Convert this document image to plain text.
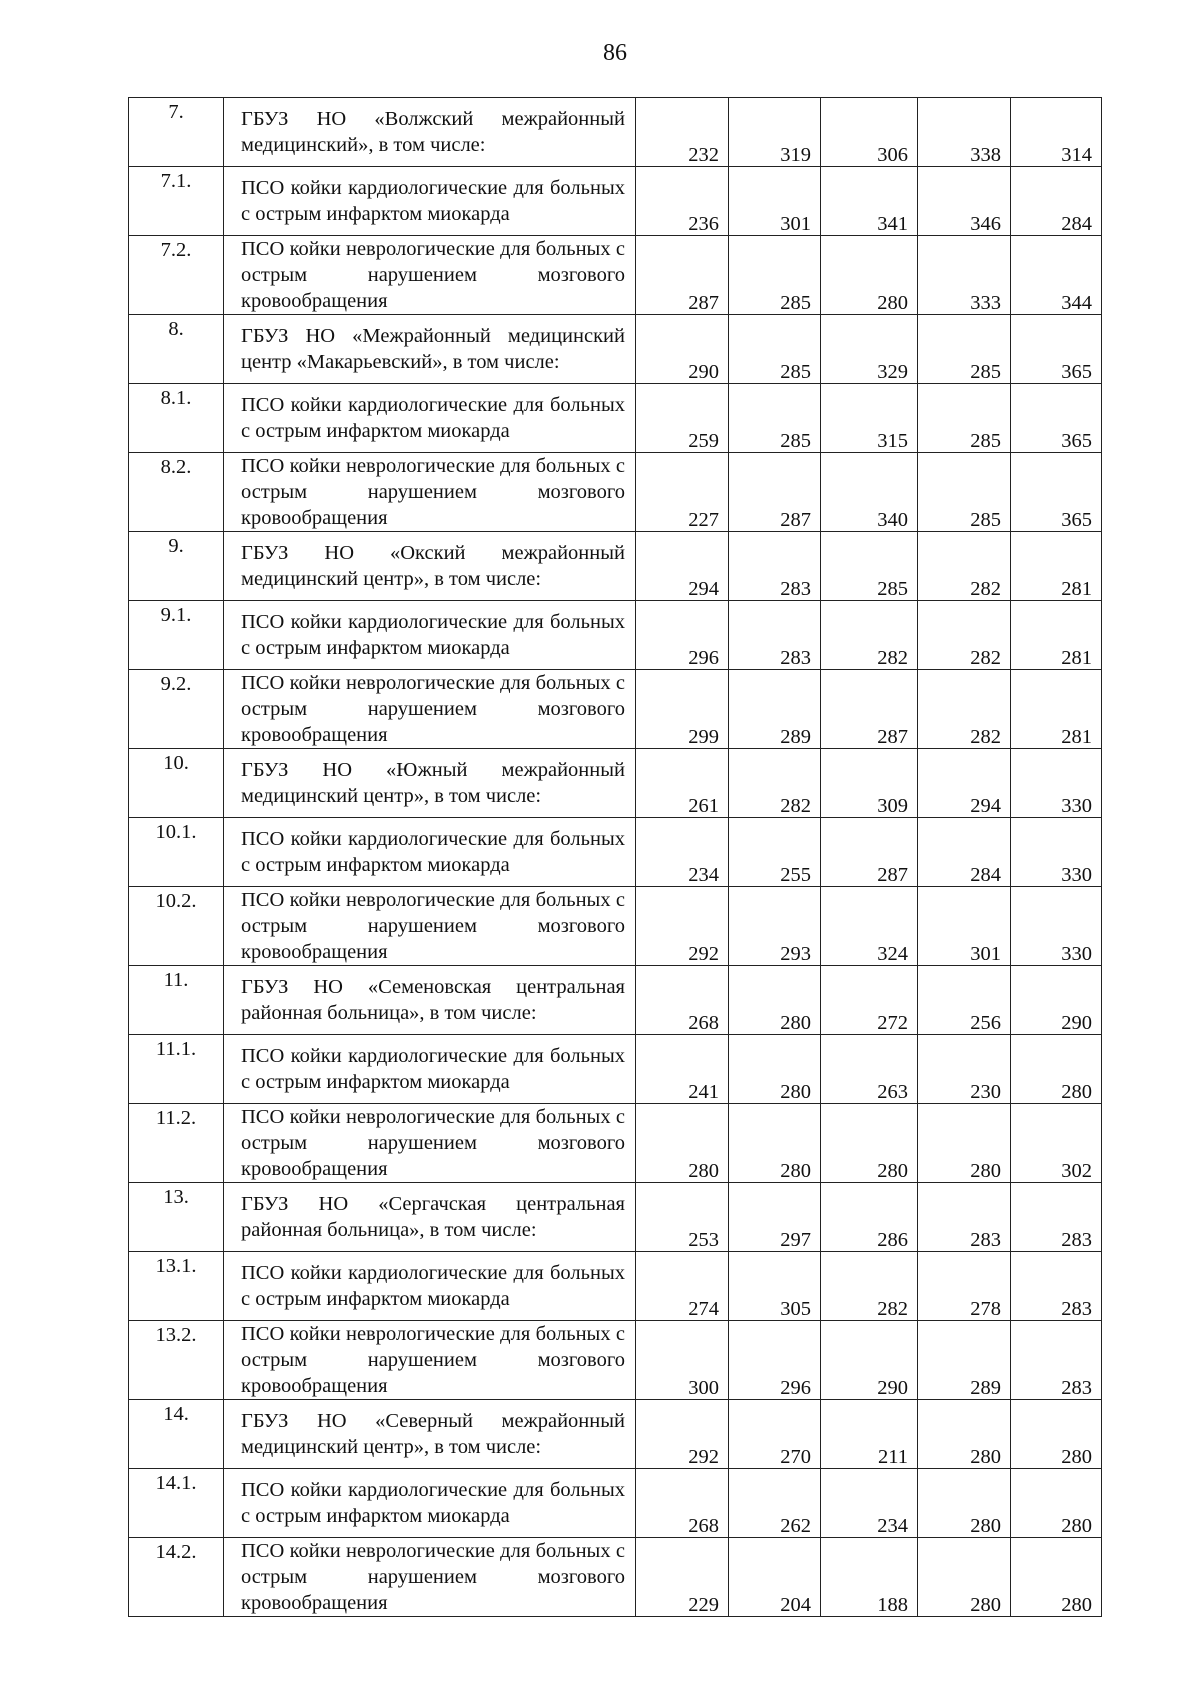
86
7.	ГБУЗ НО «Волжский межрайонный медицинский», в том числе:	232	319	306	338	314
7.1.	ПСО койки кардиологические для больных с острым инфарктом миокарда	236	301	341	346	284
7.2.	ПСО койки неврологические для больных с острым нарушением мозгового кровообращения	287	285	280	333	344
8.	ГБУЗ НО «Межрайонный медицинский центр «Макарьевский», в том числе:	290	285	329	285	365
8.1.	ПСО койки кардиологические для больных с острым инфарктом миокарда	259	285	315	285	365
8.2.	ПСО койки неврологические для больных с острым нарушением мозгового кровообращения	227	287	340	285	365
9.	ГБУЗ НО «Окский межрайонный медицинский центр», в том числе:	294	283	285	282	281
9.1.	ПСО койки кардиологические для больных с острым инфарктом миокарда	296	283	282	282	281
9.2.	ПСО койки неврологические для больных с острым нарушением мозгового кровообращения	299	289	287	282	281
10.	ГБУЗ НО «Южный межрайонный медицинский центр», в том числе:	261	282	309	294	330
10.1.	ПСО койки кардиологические для больных с острым инфарктом миокарда	234	255	287	284	330
10.2.	ПСО койки неврологические для больных с острым нарушением мозгового кровообращения	292	293	324	301	330
11.	ГБУЗ НО «Семеновская центральная районная больница», в том числе:	268	280	272	256	290
11.1.	ПСО койки кардиологические для больных с острым инфарктом миокарда	241	280	263	230	280
11.2.	ПСО койки неврологические для больных с острым нарушением мозгового кровообращения	280	280	280	280	302
13.	ГБУЗ НО «Сергачская центральная районная больница», в том числе:	253	297	286	283	283
13.1.	ПСО койки кардиологические для больных с острым инфарктом миокарда	274	305	282	278	283
13.2.	ПСО койки неврологические для больных с острым нарушением мозгового кровообращения	300	296	290	289	283
14.	ГБУЗ НО «Северный межрайонный медицинский центр», в том числе:	292	270	211	280	280
14.1.	ПСО койки кардиологические для больных с острым инфарктом миокарда	268	262	234	280	280
14.2.	ПСО койки неврологические для больных с острым нарушением мозгового кровообращения	229	204	188	280	280
